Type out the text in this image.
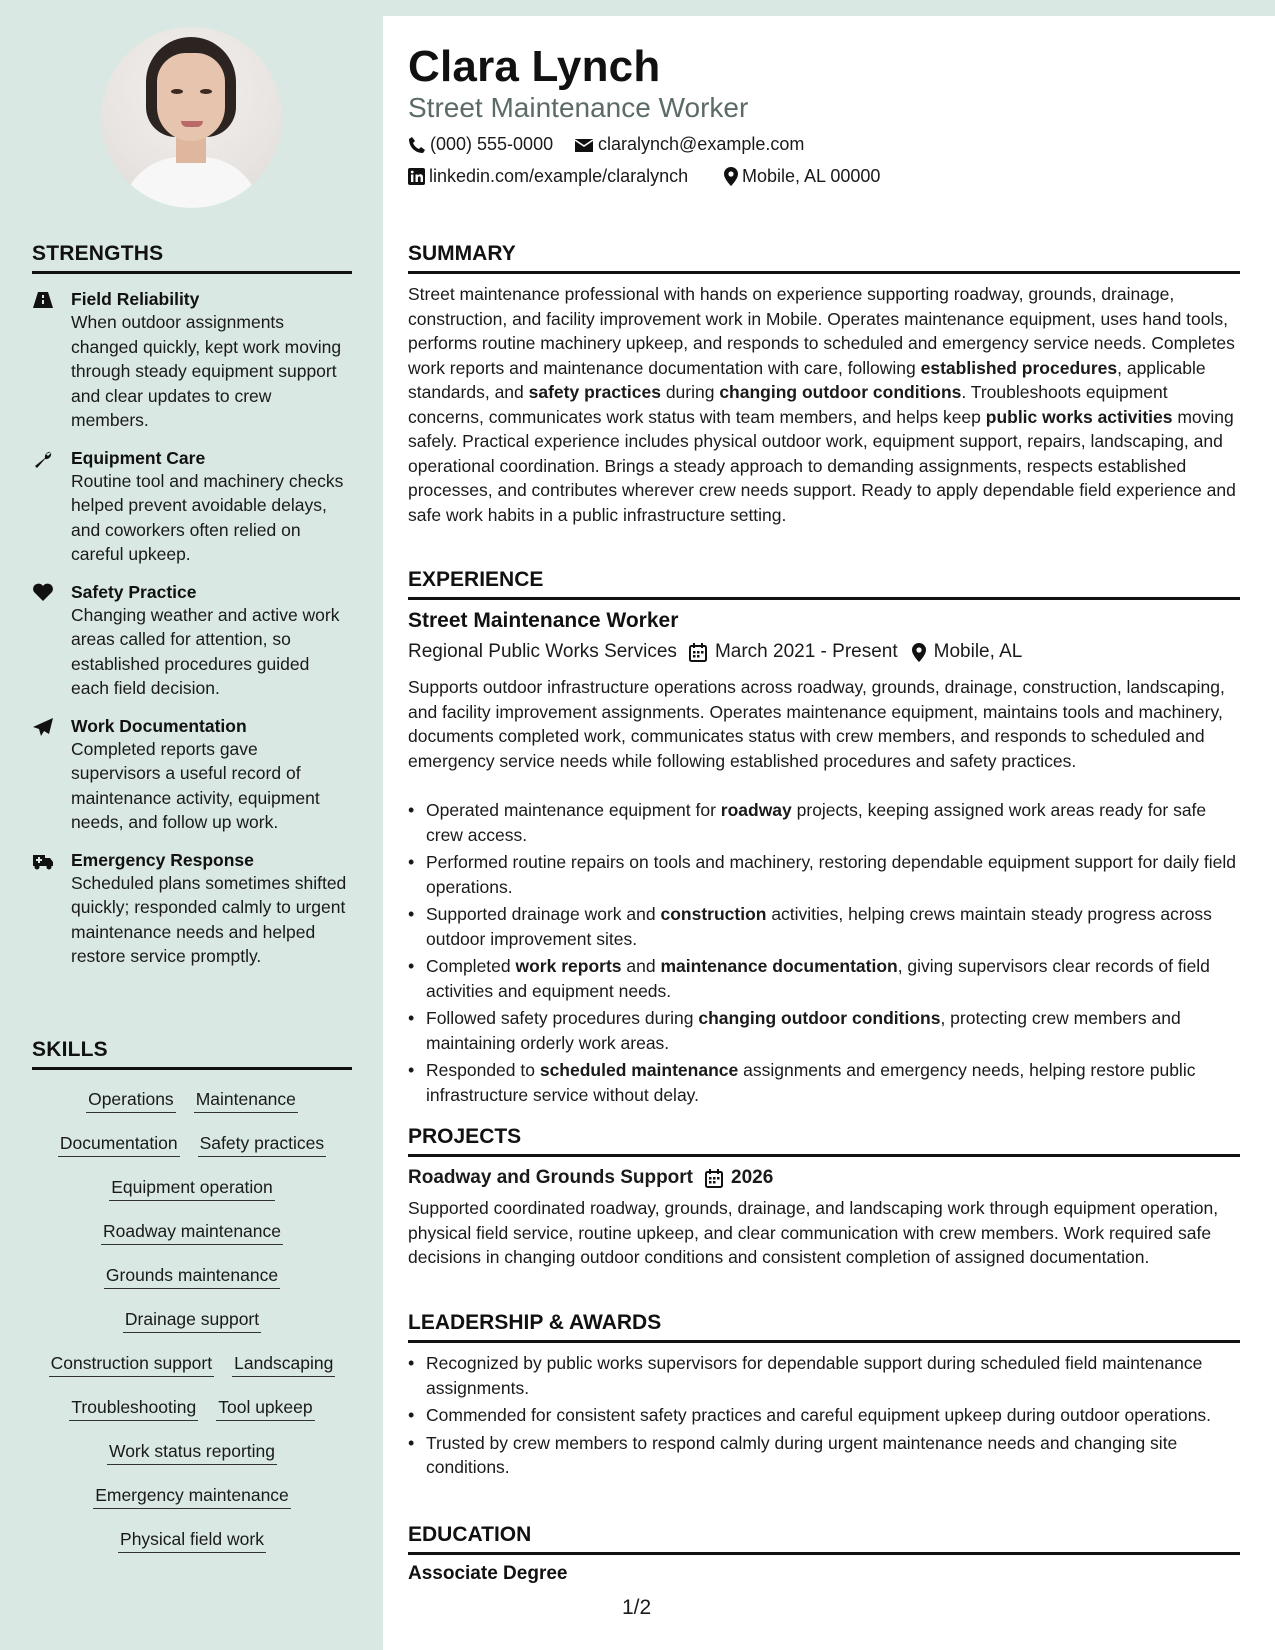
STRENGTHS
Field Reliability
When outdoor assignments changed quickly, kept work moving through steady equipment support and clear updates to crew members.
Equipment Care
Routine tool and machinery checks helped prevent avoidable delays, and coworkers often relied on careful upkeep.
Safety Practice
Changing weather and active work areas called for attention, so established procedures guided each field decision.
Work Documentation
Completed reports gave supervisors a useful record of maintenance activity, equipment needs, and follow up work.
Emergency Response
Scheduled plans sometimes shifted quickly; responded calmly to urgent maintenance needs and helped restore service promptly.
SKILLS
Operations Maintenance
Documentation Safety practices
Equipment operation
Roadway maintenance
Grounds maintenance
Drainage support
Construction support Landscaping
Troubleshooting Tool upkeep
Work status reporting
Emergency maintenance
Physical field work
Clara Lynch
Street Maintenance Worker
(000) 555-0000 claralynch@example.com
linkedin.com/example/claralynch	Mobile, AL 00000
SUMMARY
Street maintenance professional with hands on experience supporting roadway, grounds, drainage, construction, and facility improvement work in Mobile. Operates maintenance equipment, uses hand tools, performs routine machinery upkeep, and responds to scheduled and emergency service needs. Completes work reports and maintenance documentation with care, following established procedures, applicable standards, and safety practices during changing outdoor conditions. Troubleshoots equipment concerns, communicates work status with team members, and helps keep public works activities moving safely. Practical experience includes physical outdoor work, equipment support, repairs, landscaping, and operational coordination. Brings a steady approach to demanding assignments, respects established processes, and contributes wherever crew needs support. Ready to apply dependable field experience and safe work habits in a public infrastructure setting.
EXPERIENCE
Street Maintenance Worker
Regional Public Works Services March 2021 - Present Mobile, AL
Supports outdoor infrastructure operations across roadway, grounds, drainage, construction, landscaping, and facility improvement assignments. Operates maintenance equipment, maintains tools and machinery, documents completed work, communicates status with crew members, and responds to scheduled and emergency service needs while following established procedures and safety practices.
• Operated maintenance equipment for roadway projects, keeping assigned work areas ready for safe crew access.
• Performed routine repairs on tools and machinery, restoring dependable equipment support for daily field operations.
• Supported drainage work and construction activities, helping crews maintain steady progress across outdoor improvement sites.
• Completed work reports and maintenance documentation, giving supervisors clear records of field activities and equipment needs.
• Followed safety procedures during changing outdoor conditions, protecting crew members and maintaining orderly work areas.
• Responded to scheduled maintenance assignments and emergency needs, helping restore public infrastructure service without delay.
PROJECTS
Roadway and Grounds Support 2026
Supported coordinated roadway, grounds, drainage, and landscaping work through equipment operation, physical field service, routine upkeep, and clear communication with crew members. Work required safe decisions in changing outdoor conditions and consistent completion of assigned documentation.
LEADERSHIP & AWARDS
• Recognized by public works supervisors for dependable support during scheduled field maintenance assignments.
• Commended for consistent safety practices and careful equipment upkeep during outdoor operations.
• Trusted by crew members to respond calmly during urgent maintenance needs and changing site conditions.
EDUCATION
Associate Degree
1/2
